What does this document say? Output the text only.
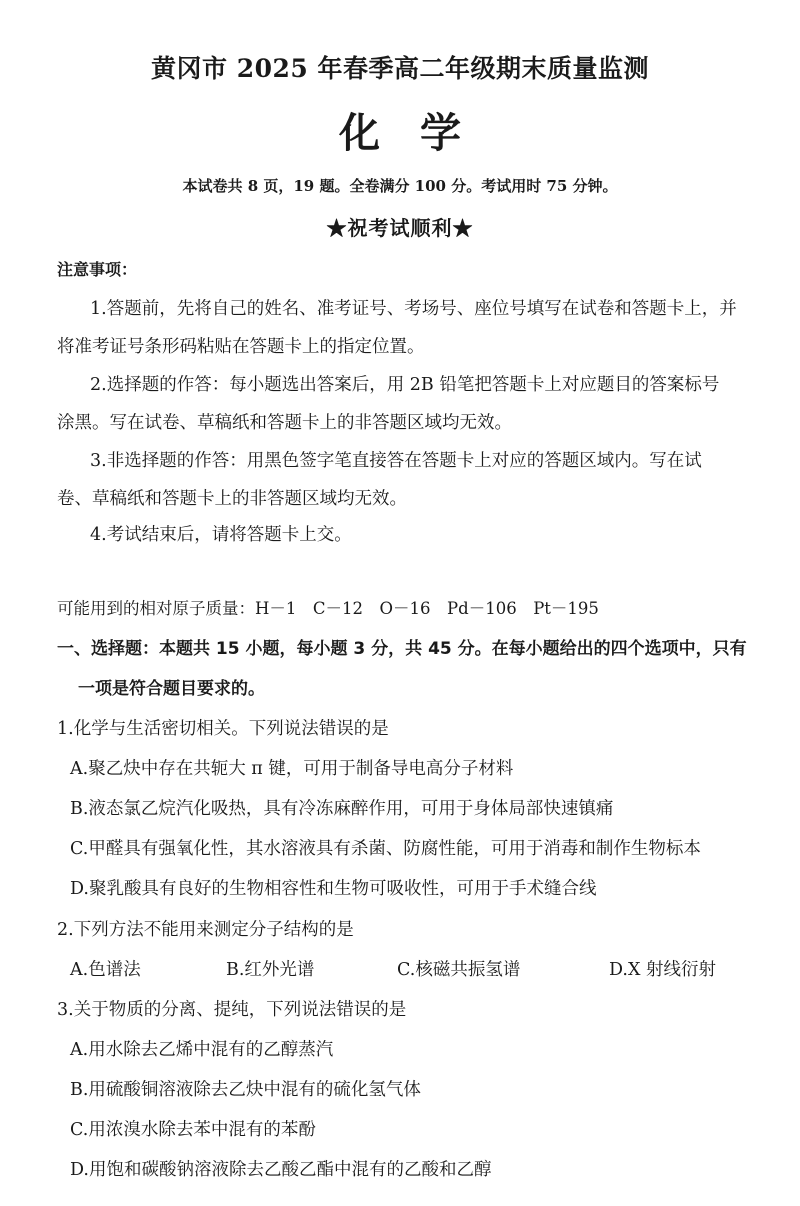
黄冈市 2025 年春季高二年级期末质量监测
化学
本试卷共 8 页，19 题。全卷满分 100 分。考试用时 75 分钟。
★祝考试顺利★
注意事项：
1.答题前，先将自己的姓名、准考证号、考场号、座位号填写在试卷和答题卡上，并
将准考证号条形码粘贴在答题卡上的指定位置。
2.选择题的作答：每小题选出答案后，用 2B 铅笔把答题卡上对应题目的答案标号
涂黑。写在试卷、草稿纸和答题卡上的非答题区域均无效。
3.非选择题的作答：用黑色签字笔直接答在答题卡上对应的答题区域内。写在试
卷、草稿纸和答题卡上的非答题区域均无效。
4.考试结束后，请将答题卡上交。
可能用到的相对原子质量：H－1　C－12　O－16　Pd－106　Pt－195
一、选择题：本题共 15 小题，每小题 3 分，共 45 分。在每小题给出的四个选项中，只有
一项是符合题目要求的。
1.化学与生活密切相关。下列说法错误的是
A.聚乙炔中存在共轭大 π 键，可用于制备导电高分子材料
B.液态氯乙烷汽化吸热，具有冷冻麻醉作用，可用于身体局部快速镇痛
C.甲醛具有强氧化性，其水溶液具有杀菌、防腐性能，可用于消毒和制作生物标本
D.聚乳酸具有良好的生物相容性和生物可吸收性，可用于手术缝合线
2.下列方法不能用来测定分子结构的是
A.色谱法	B.红外光谱	C.核磁共振氢谱	D.X 射线衍射
3.关于物质的分离、提纯，下列说法错误的是
A.用水除去乙烯中混有的乙醇蒸汽
B.用硫酸铜溶液除去乙炔中混有的硫化氢气体
C.用浓溴水除去苯中混有的苯酚
D.用饱和碳酸钠溶液除去乙酸乙酯中混有的乙酸和乙醇
